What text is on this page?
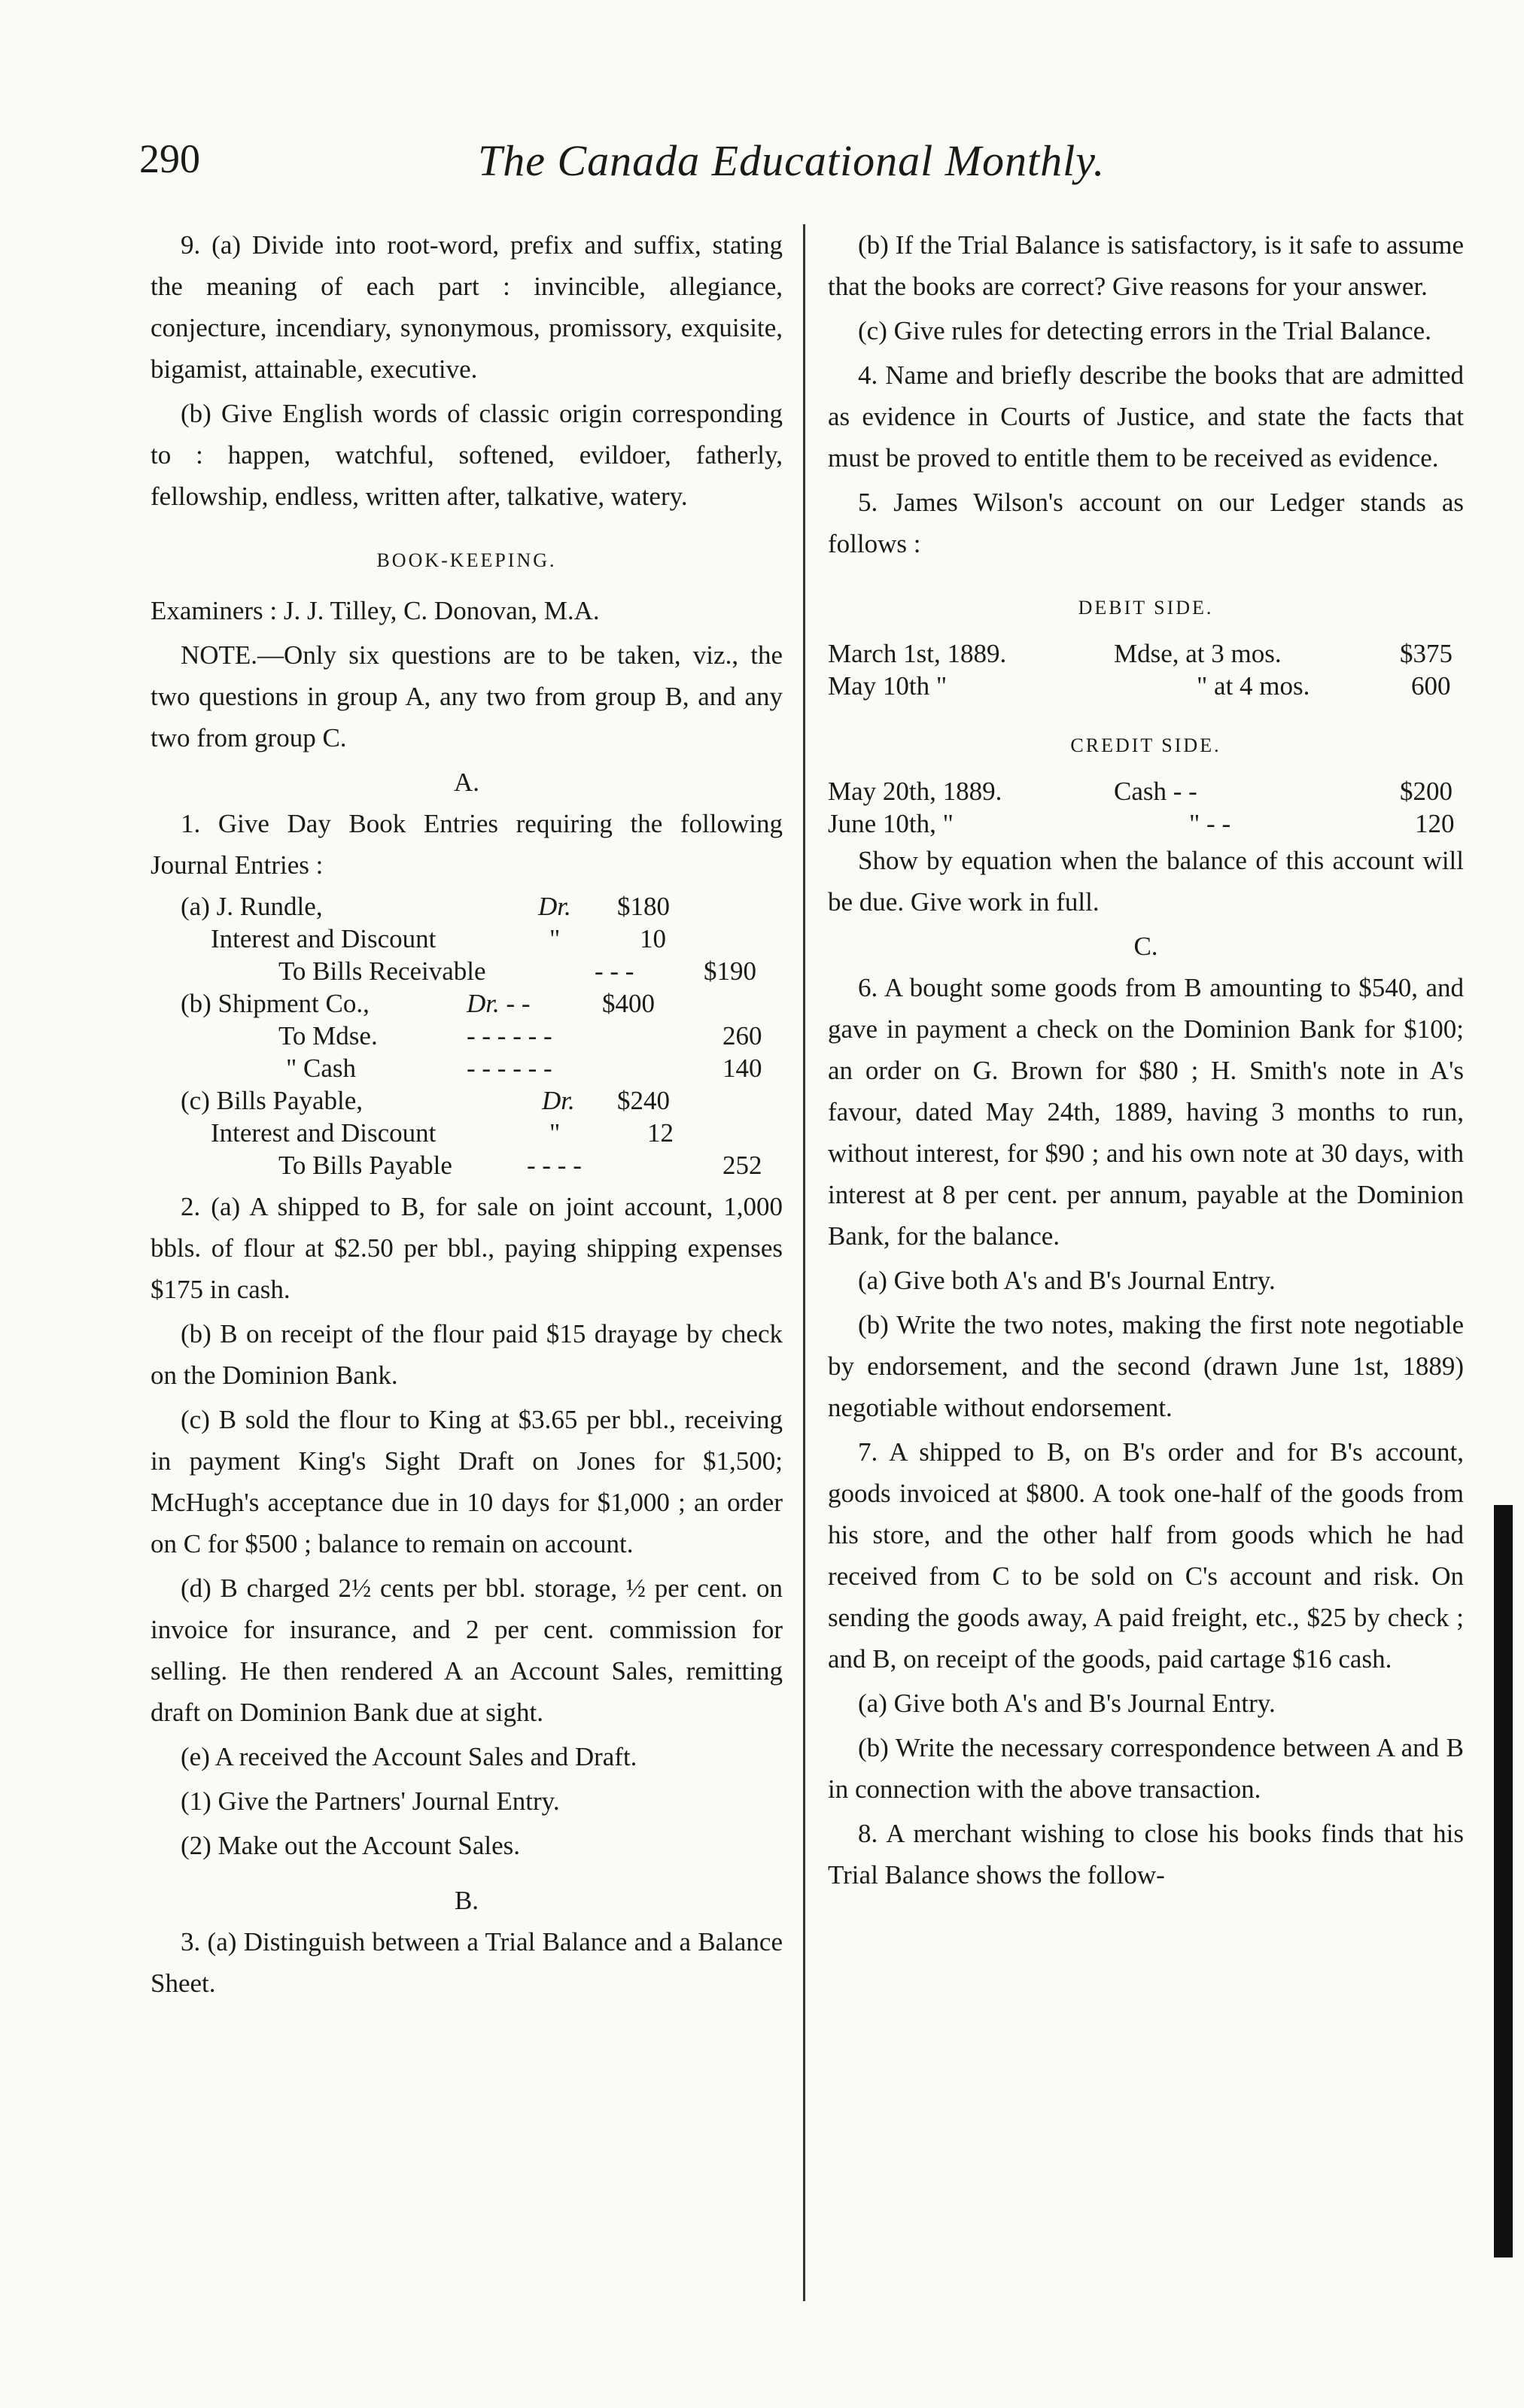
290	The Canada Educational Monthly.

9. (a) Divide into root-word, prefix and suffix, stating the meaning of each part : invincible, allegiance, conjecture, incendiary, synonymous, promissory, exquisite, bigamist, attainable, executive.

(b) Give English words of classic origin corresponding to : happen, watchful, softened, evildoer, fatherly, fellowship, endless, written after, talkative, watery.

BOOK-KEEPING.

Examiners : J. J. Tilley, C. Donovan, M.A.

NOTE.—Only six questions are to be taken, viz., the two questions in group A, any two from group B, and any two from group C.

A.

1. Give Day Book Entries requiring the following Journal Entries :

(a) J. Rundle,	Dr. $180
Interest and Discount	"	10
To Bills Receivable	- - -	$190
(b) Shipment Co.,	Dr. - -	$400
To Mdse.	- - - - - -	260
" Cash	- - - - - -	140
(c) Bills Payable,	Dr. $240
Interest and Discount	"	12
To Bills Payable	- - - -	252

2. (a) A shipped to B, for sale on joint account, 1,000 bbls. of flour at $2.50 per bbl., paying shipping expenses $175 in cash.

(b) B on receipt of the flour paid $15 drayage by check on the Dominion Bank.

(c) B sold the flour to King at $3.65 per bbl., receiving in payment King's Sight Draft on Jones for $1,500; McHugh's acceptance due in 10 days for $1,000 ; an order on C for $500 ; balance to remain on account.

(d) B charged 2½ cents per bbl. storage, ½ per cent. on invoice for insurance, and 2 per cent. commission for selling. He then rendered A an Account Sales, remitting draft on Dominion Bank due at sight.

(e) A received the Account Sales and Draft.

(1) Give the Partners' Journal Entry.

(2) Make out the Account Sales.

B.

3. (a) Distinguish between a Trial Balance and a Balance Sheet.

(b) If the Trial Balance is satisfactory, is it safe to assume that the books are correct? Give reasons for your answer.

(c) Give rules for detecting errors in the Trial Balance.

4. Name and briefly describe the books that are admitted as evidence in Courts of Justice, and state the facts that must be proved to entitle them to be received as evidence.

5. James Wilson's account on our Ledger stands as follows :

DEBIT SIDE.
March 1st, 1889.	Mdse, at 3 mos.	$375
May 10th "	" at 4 mos.	600
CREDIT SIDE.
May 20th, 1889.	Cash - -	$200
June 10th, "	" - -	120

Show by equation when the balance of this account will be due. Give work in full.

C.

6. A bought some goods from B amounting to $540, and gave in payment a check on the Dominion Bank for $100; an order on G. Brown for $80 ; H. Smith's note in A's favour, dated May 24th, 1889, having 3 months to run, without interest, for $90 ; and his own note at 30 days, with interest at 8 per cent. per annum, payable at the Dominion Bank, for the balance.

(a) Give both A's and B's Journal Entry.

(b) Write the two notes, making the first note negotiable by endorsement, and the second (drawn June 1st, 1889) negotiable without endorsement.

7. A shipped to B, on B's order and for B's account, goods invoiced at $800. A took one-half of the goods from his store, and the other half from goods which he had received from C to be sold on C's account and risk. On sending the goods away, A paid freight, etc., $25 by check ; and B, on receipt of the goods, paid cartage $16 cash.

(a) Give both A's and B's Journal Entry.

(b) Write the necessary correspondence between A and B in connection with the above transaction.

8. A merchant wishing to close his books finds that his Trial Balance shows the follow-
